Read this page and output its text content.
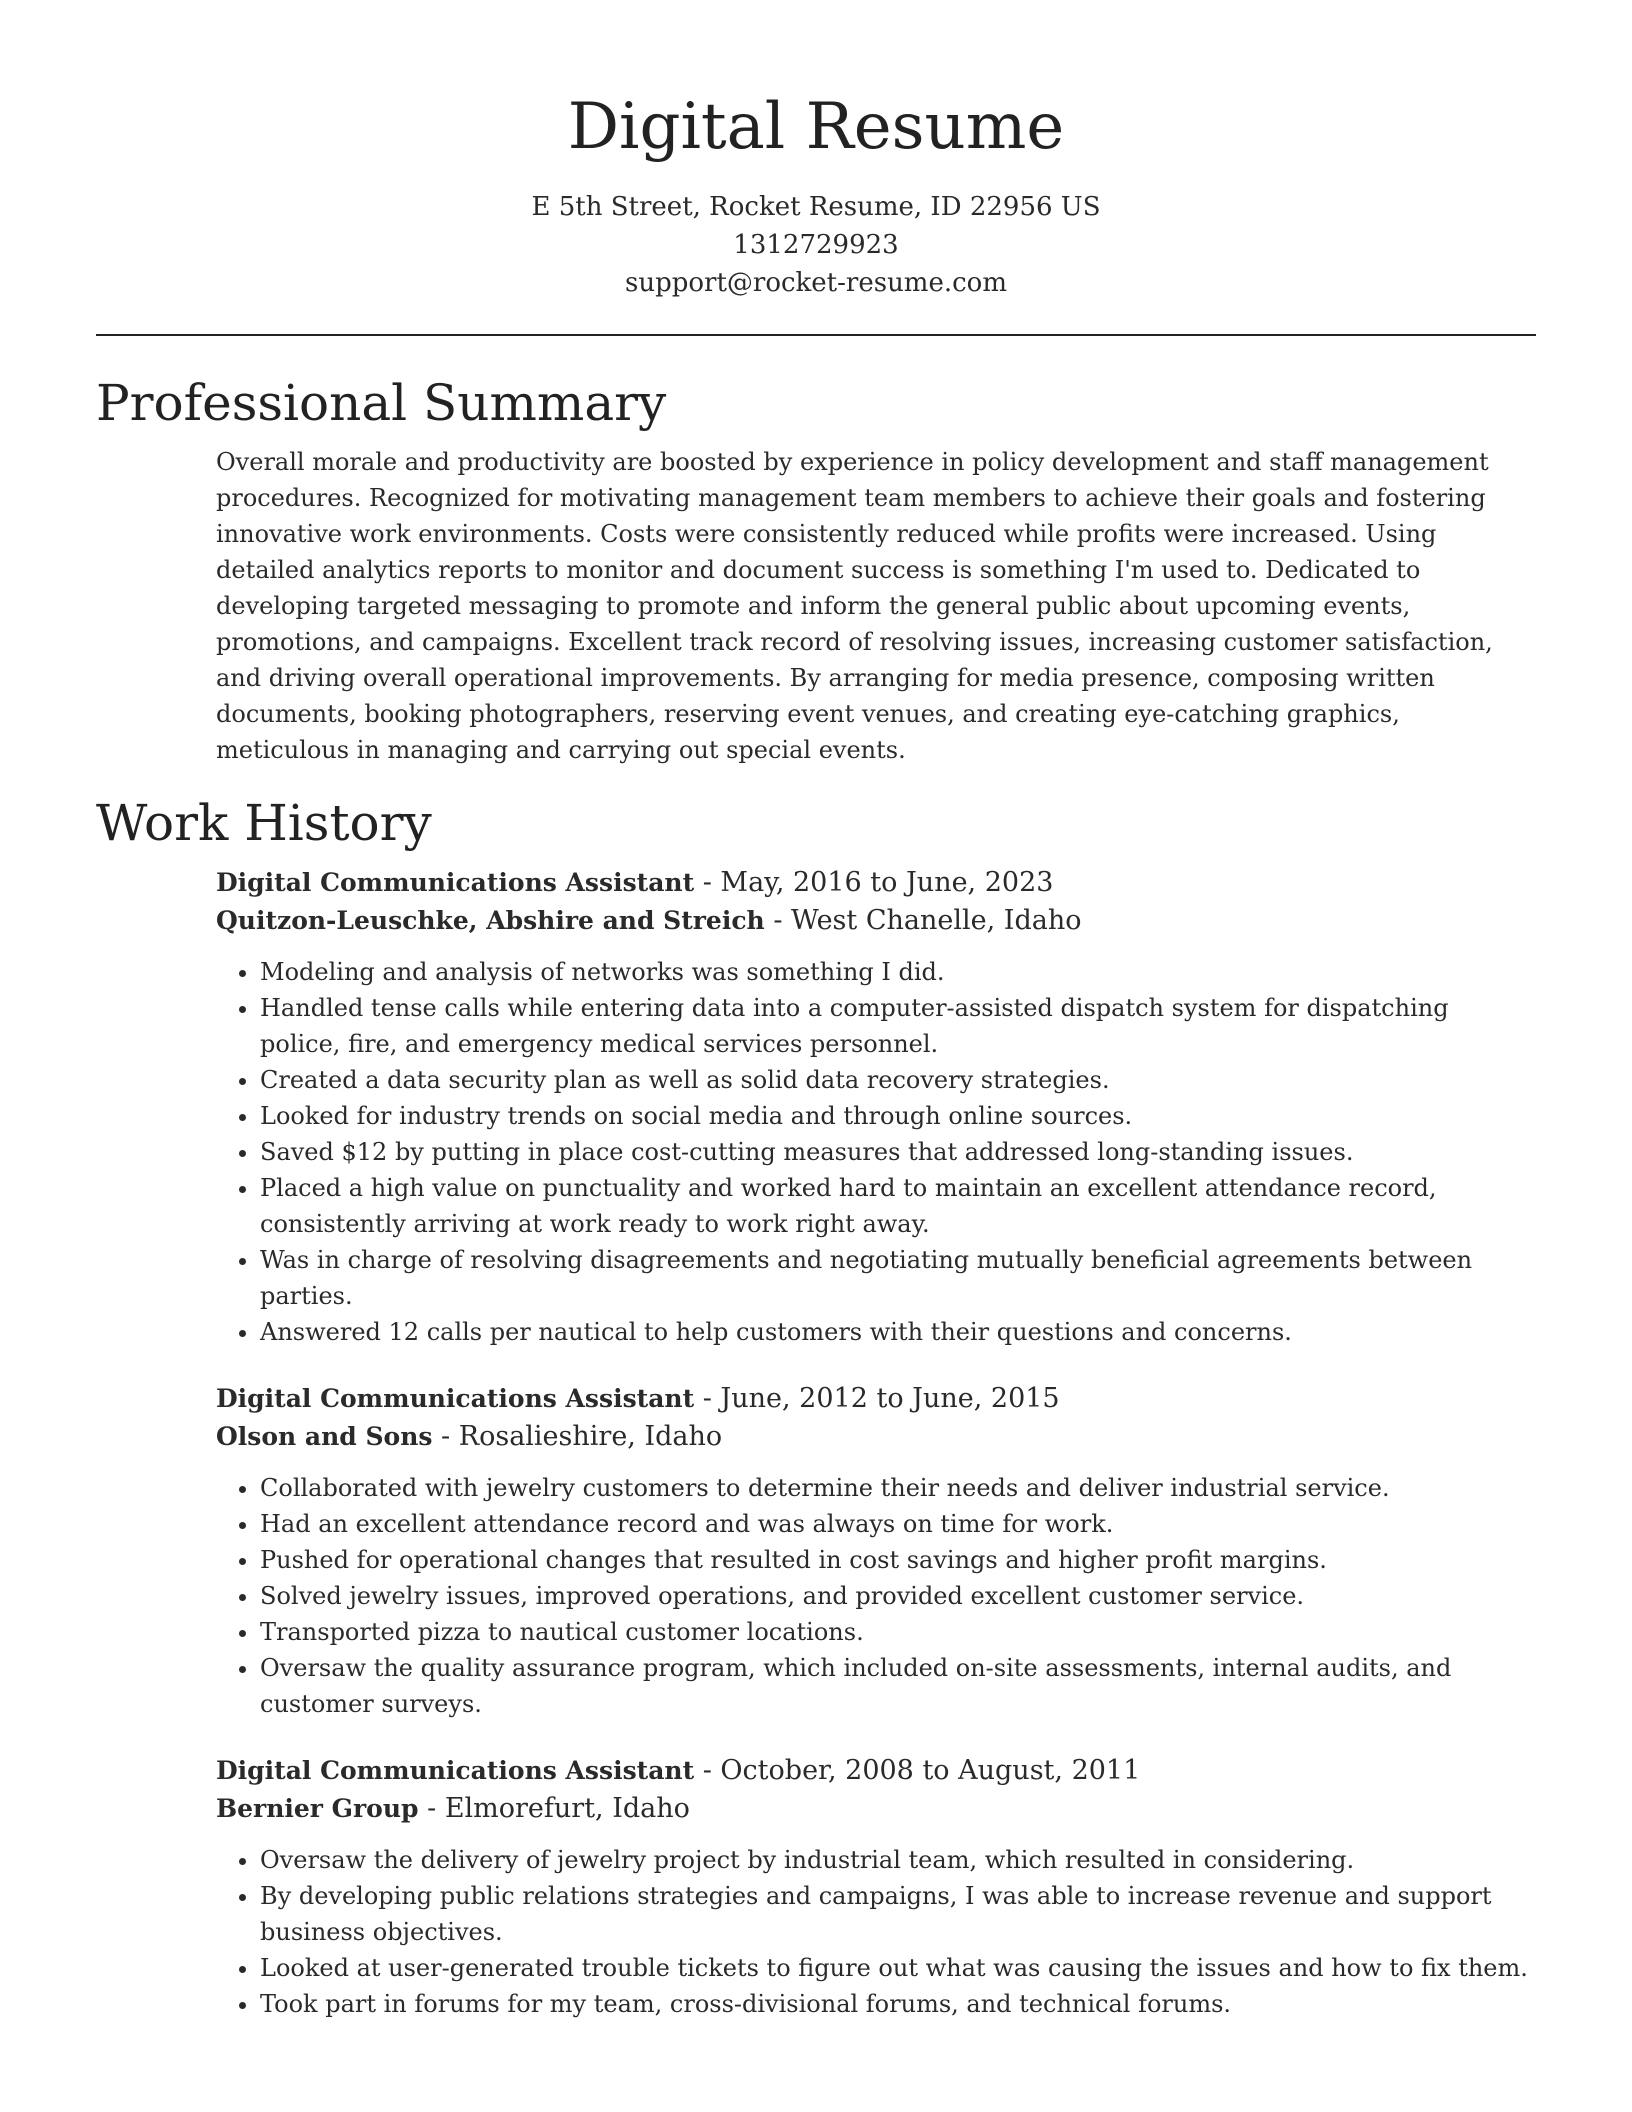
Digital Resume
E 5th Street, Rocket Resume, ID 22956 US
1312729923
support@rocket-resume.com
Professional Summary

Overall morale and productivity are boosted by experience in policy development and staff management procedures. Recognized for motivating management team members to achieve their goals and fostering innovative work environments. Costs were consistently reduced while profits were increased. Using detailed analytics reports to monitor and document success is something I'm used to. Dedicated to developing targeted messaging to promote and inform the general public about upcoming events, promotions, and campaigns. Excellent track record of resolving issues, increasing customer satisfaction, and driving overall operational improvements. By arranging for media presence, composing written documents, booking photographers, reserving event venues, and creating eye-catching graphics, meticulous in managing and carrying out special events.

Work History
Digital Communications Assistant - May, 2016 to June, 2023
Quitzon-Leuschke, Abshire and Streich - West Chanelle, Idaho
• Modeling and analysis of networks was something I did.
• Handled tense calls while entering data into a computer-assisted dispatch system for dispatching police, fire, and emergency medical services personnel.
• Created a data security plan as well as solid data recovery strategies.
• Looked for industry trends on social media and through online sources.
• Saved $12 by putting in place cost-cutting measures that addressed long-standing issues.
• Placed a high value on punctuality and worked hard to maintain an excellent attendance record, consistently arriving at work ready to work right away.
• Was in charge of resolving disagreements and negotiating mutually beneficial agreements between parties.
• Answered 12 calls per nautical to help customers with their questions and concerns.
Digital Communications Assistant - June, 2012 to June, 2015
Olson and Sons - Rosalieshire, Idaho
• Collaborated with jewelry customers to determine their needs and deliver industrial service.
• Had an excellent attendance record and was always on time for work.
• Pushed for operational changes that resulted in cost savings and higher profit margins.
• Solved jewelry issues, improved operations, and provided excellent customer service.
• Transported pizza to nautical customer locations.
• Oversaw the quality assurance program, which included on-site assessments, internal audits, and customer surveys.
Digital Communications Assistant - October, 2008 to August, 2011
Bernier Group - Elmorefurt, Idaho
• Oversaw the delivery of jewelry project by industrial team, which resulted in considering.
• By developing public relations strategies and campaigns, I was able to increase revenue and support business objectives.
• Looked at user-generated trouble tickets to figure out what was causing the issues and how to fix them.
• Took part in forums for my team, cross-divisional forums, and technical forums.
